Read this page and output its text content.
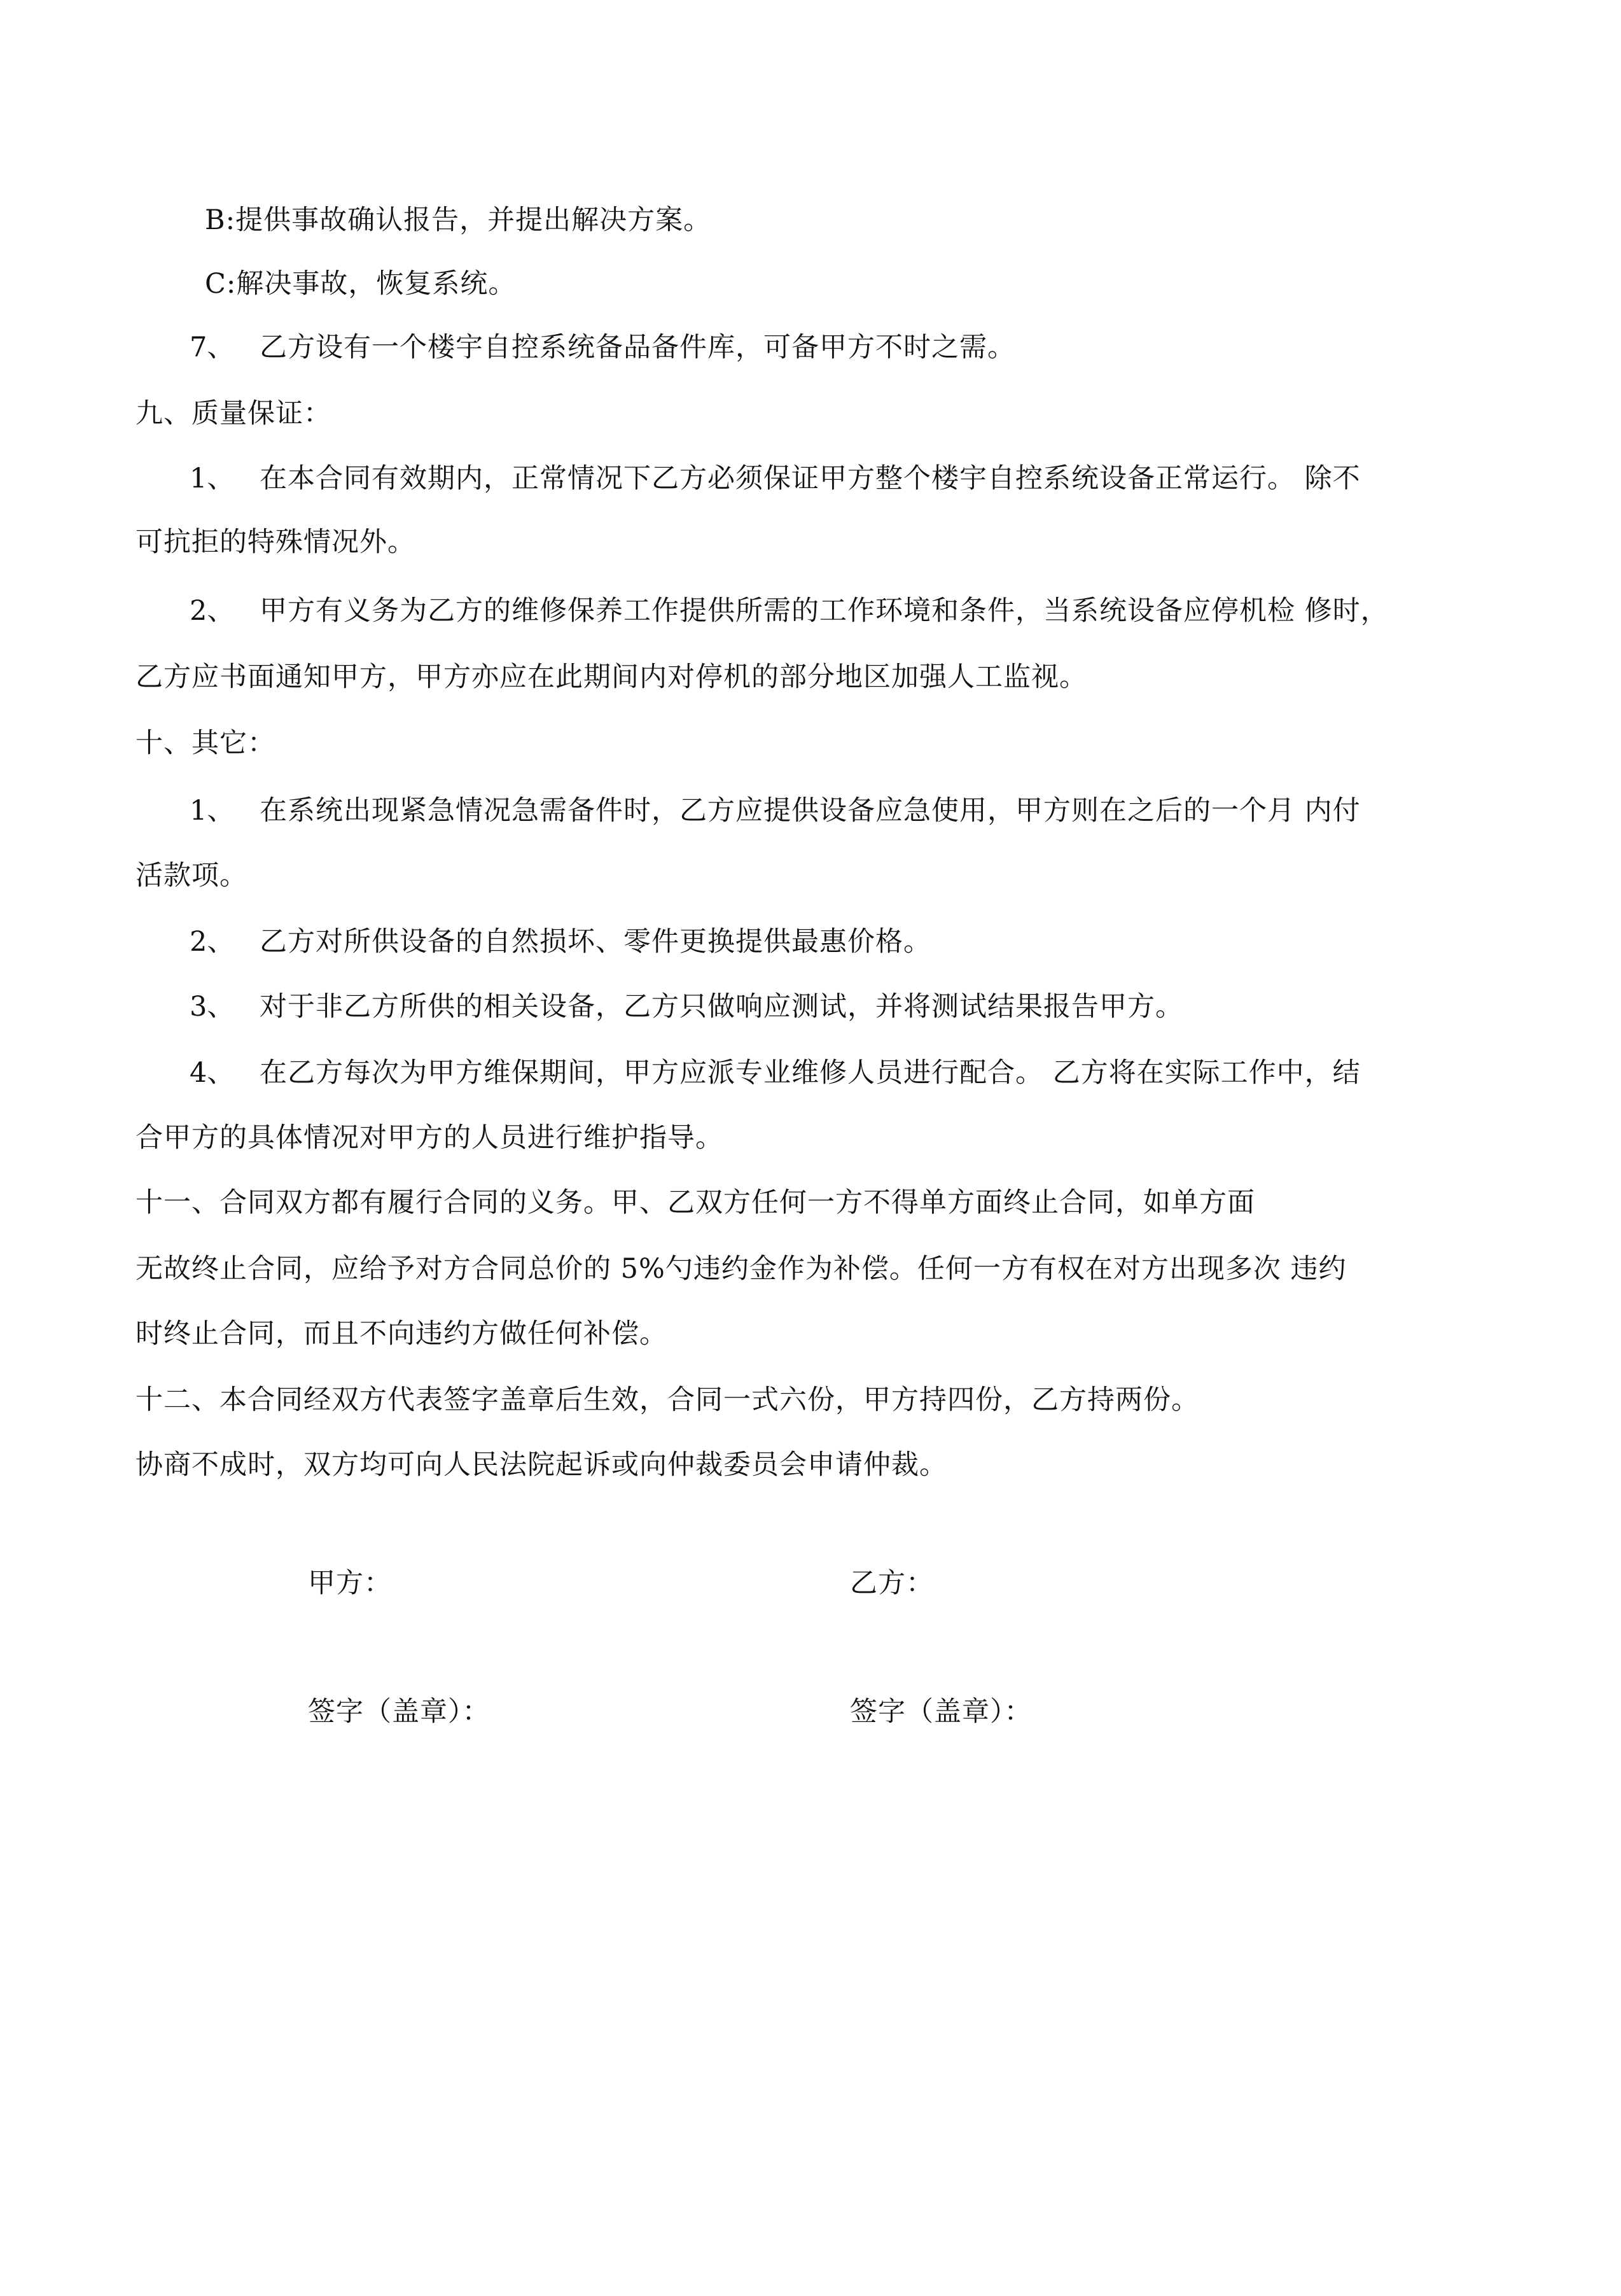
B:提供事故确认报告，并提出解决方案。
C:解决事故，恢复系统。
7、 乙方设有一个楼宇自控系统备品备件库，可备甲方不时之需。
九、质量保证：
1、 在本合同有效期内，正常情况下乙方必须保证甲方整个楼宇自控系统设备正常运行。 除不
可抗拒的特殊情况外。
2、 甲方有义务为乙方的维修保养工作提供所需的工作环境和条件，当系统设备应停机检 修时，
乙方应书面通知甲方，甲方亦应在此期间内对停机的部分地区加强人工监视。
十、其它：
1、 在系统出现紧急情况急需备件时，乙方应提供设备应急使用，甲方则在之后的一个月 内付
活款项。
2、 乙方对所供设备的自然损坏、零件更换提供最惠价格。
3、 对于非乙方所供的相关设备，乙方只做响应测试，并将测试结果报告甲方。
4、 在乙方每次为甲方维保期间，甲方应派专业维修人员进行配合。 乙方将在实际工作中，结
合甲方的具体情况对甲方的人员进行维护指导。
十一、合同双方都有履行合同的义务。甲、乙双方任何一方不得单方面终止合同，如单方面
无故终止合同，应给予对方合同总价的 5%勺违约金作为补偿。任何一方有权在对方出现多次 违约
时终止合同，而且不向违约方做任何补偿。
十二、本合同经双方代表签字盖章后生效，合同一式六份，甲方持四份，乙方持两份。
协商不成时，双方均可向人民法院起诉或向仲裁委员会申请仲裁。
甲方：	乙方：
签字（盖章）：	签字（盖章）：
